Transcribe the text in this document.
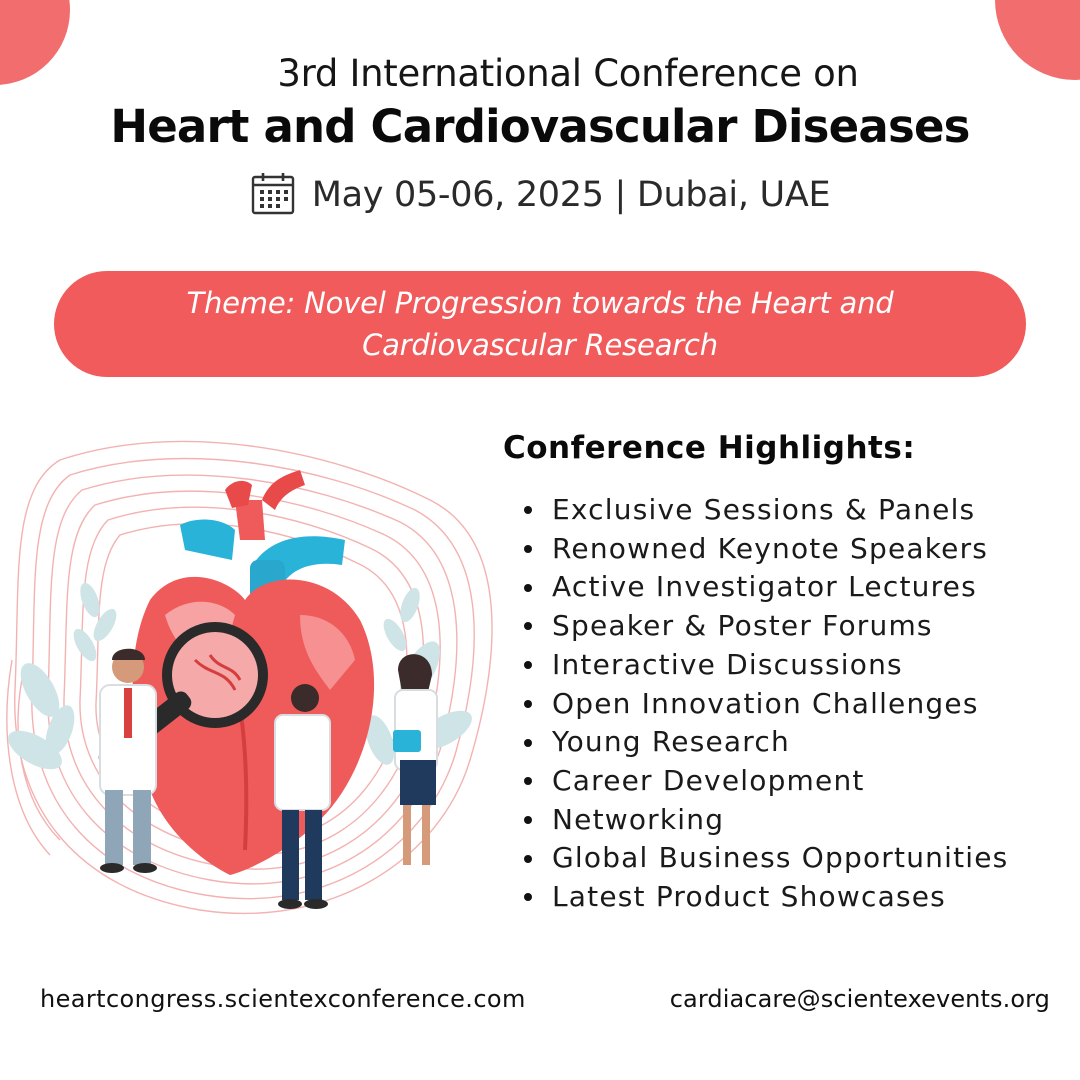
3rd International Conference on
Heart and Cardiovascular Diseases
May 05-06, 2025 | Dubai, UAE
Theme: Novel Progression towards the Heart and Cardiovascular Research
Conference Highlights:
Exclusive Sessions & Panels
Renowned Keynote Speakers
Active Investigator Lectures
Speaker & Poster Forums
Interactive Discussions
Open Innovation Challenges
Young Research
Career Development
Networking
Global Business Opportunities
Latest Product Showcases
heartcongress.scientexconference.com	cardiacare@scientexevents.org
